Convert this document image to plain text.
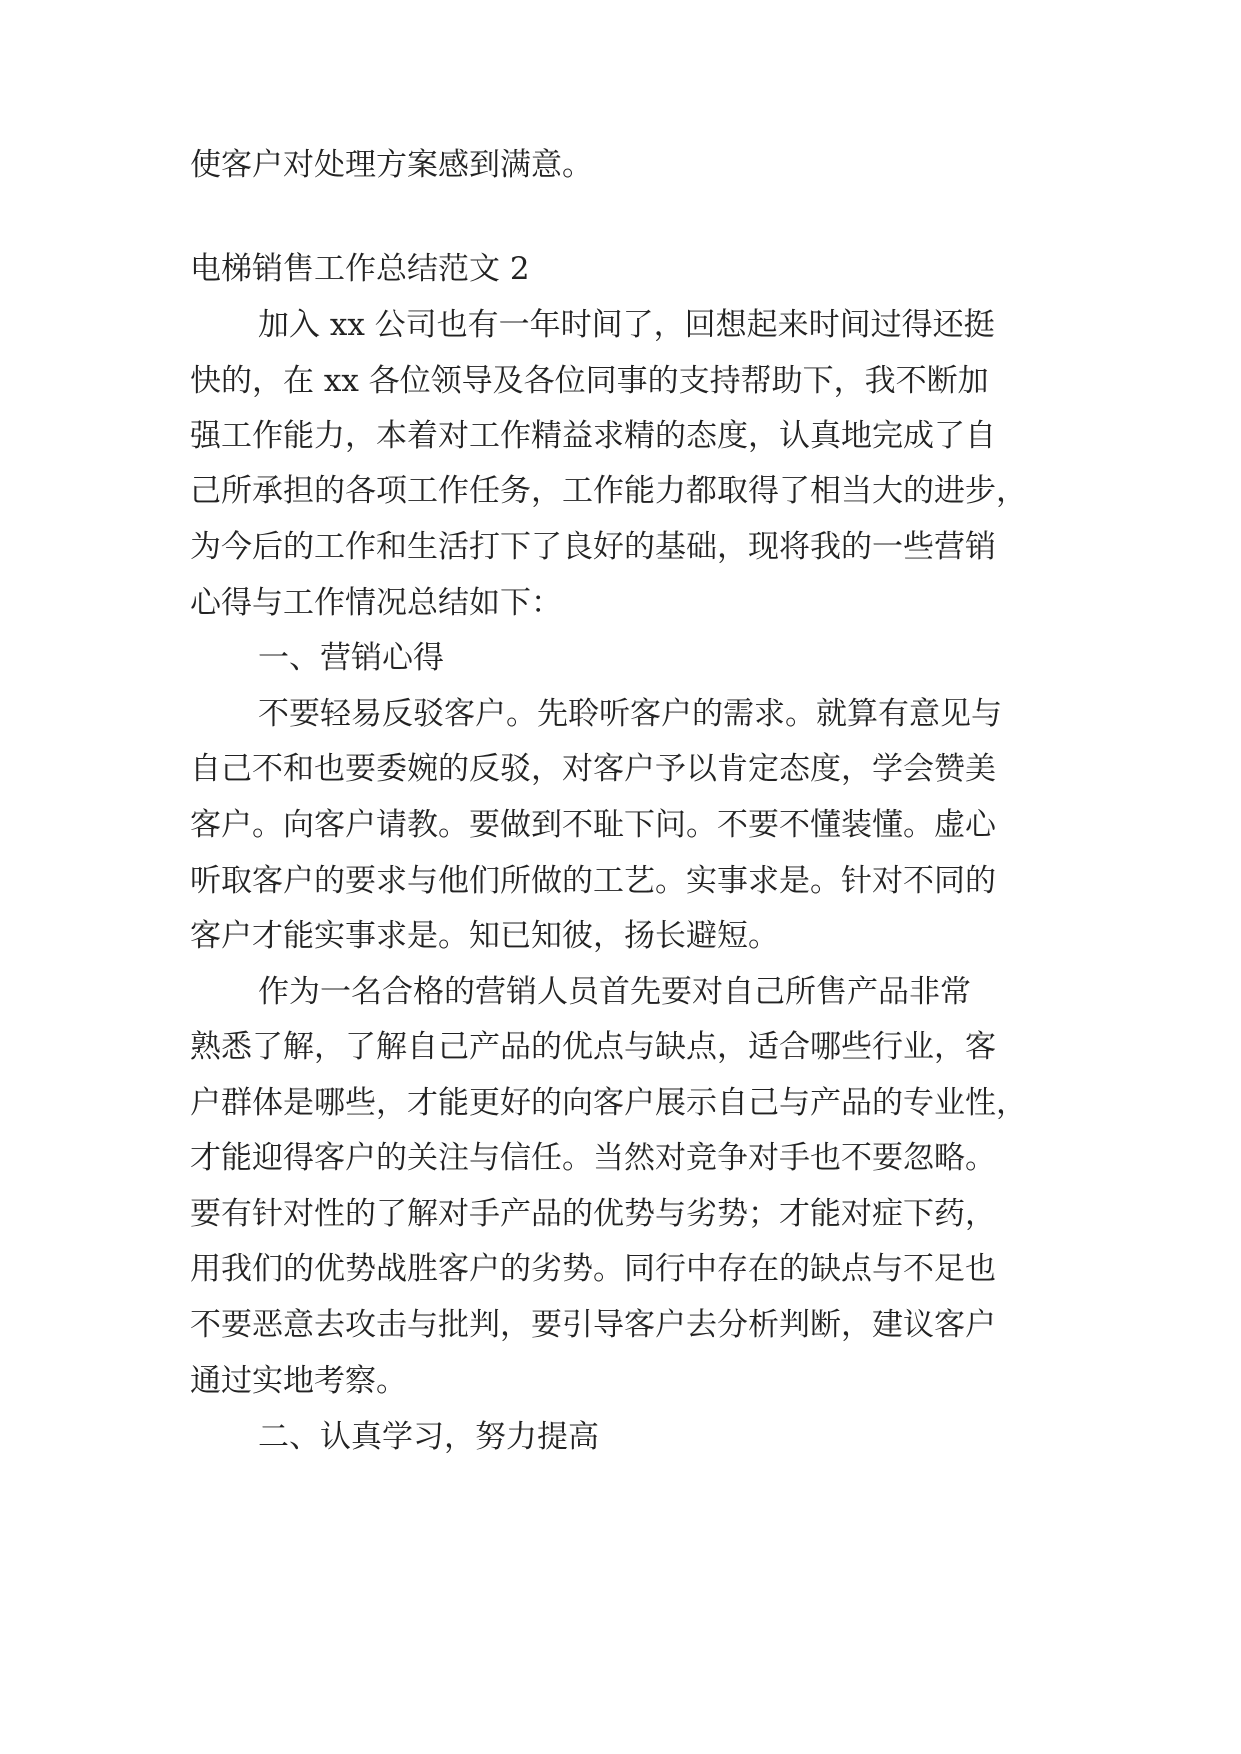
使客户对处理方案感到满意。

电梯销售工作总结范文 2

加入 xx 公司也有一年时间了，回想起来时间过得还挺

快的，在 xx 各位领导及各位同事的支持帮助下，我不断加

强工作能力，本着对工作精益求精的态度，认真地完成了自

己所承担的各项工作任务，工作能力都取得了相当大的进步，

为今后的工作和生活打下了良好的基础，现将我的一些营销

心得与工作情况总结如下：

一、营销心得

不要轻易反驳客户。先聆听客户的需求。就算有意见与

自己不和也要委婉的反驳，对客户予以肯定态度，学会赞美

客户。向客户请教。要做到不耻下问。不要不懂装懂。虚心

听取客户的要求与他们所做的工艺。实事求是。针对不同的

客户才能实事求是。知已知彼，扬长避短。

作为一名合格的营销人员首先要对自己所售产品非常

熟悉了解，了解自己产品的优点与缺点，适合哪些行业，客

户群体是哪些，才能更好的向客户展示自己与产品的专业性，

才能迎得客户的关注与信任。当然对竞争对手也不要忽略。

要有针对性的了解对手产品的优势与劣势；才能对症下药，

用我们的优势战胜客户的劣势。同行中存在的缺点与不足也

不要恶意去攻击与批判，要引导客户去分析判断，建议客户

通过实地考察。

二、认真学习，努力提高
